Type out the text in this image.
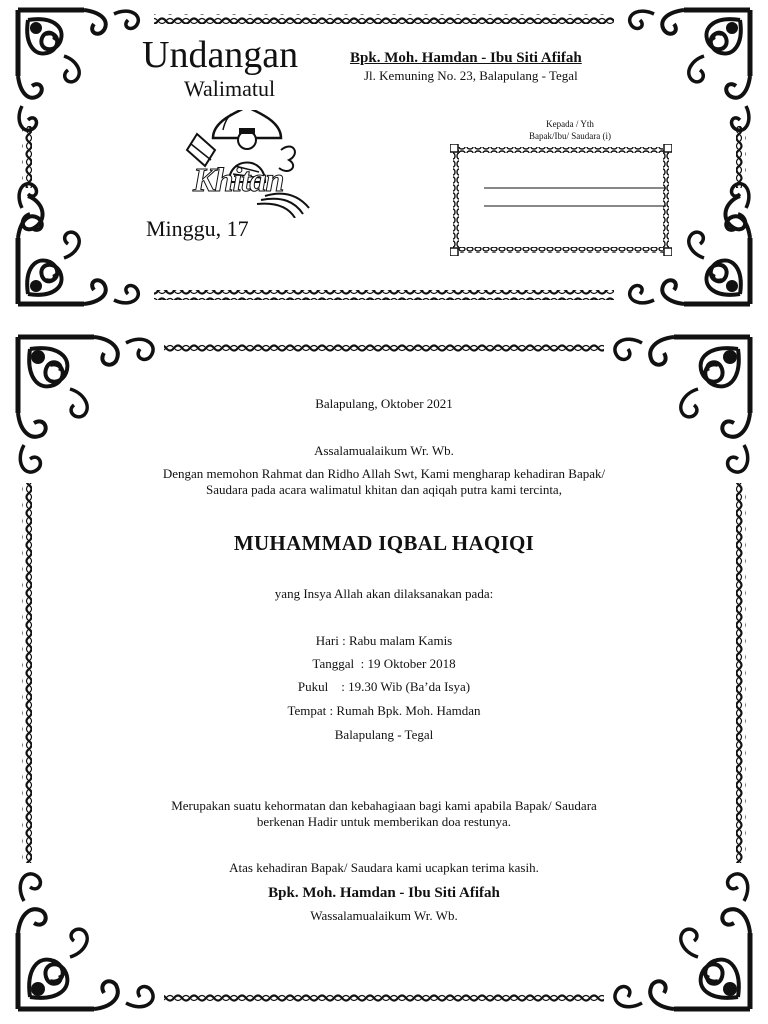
Undangan
Walimatul
Khitan
Minggu, 17
Bpk. Moh. Hamdan - Ibu Siti Afifah
Jl. Kemuning No. 23, Balapulang - Tegal
Kepada / Yth
Bapak/Ibu/ Saudara (i)
Balapulang, Oktober 2021
Assalamualaikum Wr. Wb.
Dengan memohon Rahmat dan Ridho Allah Swt, Kami mengharap kehadiran Bapak/
Saudara pada acara walimatul khitan dan aqiqah putra kami tercinta,
MUHAMMAD IQBAL HAQIQI
yang Insya Allah akan dilaksanakan pada:
Hari : Rabu malam Kamis
Tanggal  : 19 Oktober 2018
Pukul    : 19.30 Wib (Ba’da Isya)
Tempat : Rumah Bpk. Moh. Hamdan
Balapulang - Tegal
Merupakan suatu kehormatan dan kebahagiaan bagi kami apabila Bapak/ Saudara
berkenan Hadir untuk memberikan doa restunya.
Atas kehadiran Bapak/ Saudara kami ucapkan terima kasih.
Bpk. Moh. Hamdan - Ibu Siti Afifah
Wassalamualaikum Wr. Wb.
